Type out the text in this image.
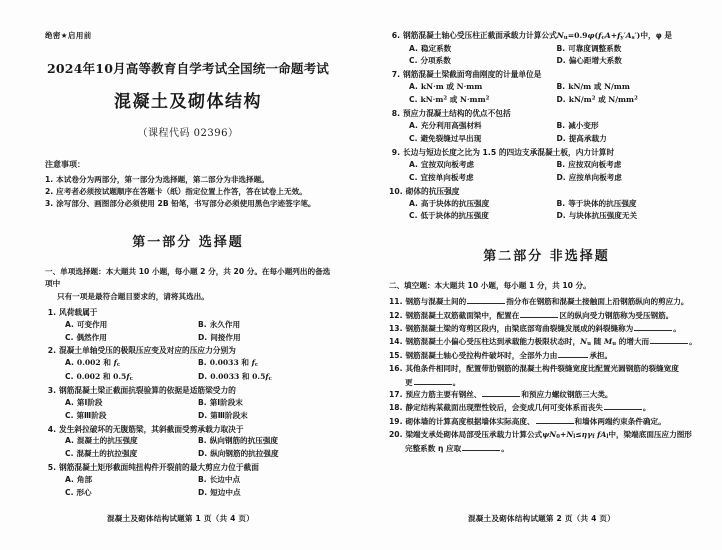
绝密★启用前
2024年10月高等教育自学考试全国统一命题考试
混凝土及砌体结构
（课程代码 02396）
注意事项：
1. 本试卷分为两部分，第一部分为选择题，第二部分为非选择题。
2. 应考者必须按试题顺序在答题卡（纸）指定位置上作答，答在试卷上无效。
3. 涂写部分、画图部分必须使用 2B 铅笔，书写部分必须使用黑色字迹签字笔。
第一部分 选择题
一、单项选择题：本大题共 10 小题，每小题 2 分，共 20 分。在每小题列出的备选项中
只有一项是最符合题目要求的，请将其选出。
1. 风荷载属于
A. 可变作用	B. 永久作用
C. 偶然作用	D. 间接作用
2. 混凝土单轴受压的极限压应变及对应的压应力分别为
A. 0.002 和 $f_c$	B. 0.0033 和 $f_c$
C. 0.002 和 $0.5f_c$	D. 0.0033 和 $0.5f_c$
3. 钢筋混凝土梁正截面抗裂验算的依据是适筋梁受力的
A. 第Ⅰ阶段	B. 第Ⅰ阶段末
C. 第Ⅲ阶段	D. 第Ⅲ阶段末
4. 发生斜拉破坏的无腹筋梁，其斜截面受剪承载力取决于
A. 混凝土的抗压强度	B. 纵向钢筋的抗压强度
C. 混凝土的抗拉强度	D. 纵向钢筋的抗拉强度
5. 钢筋混凝土矩形截面纯扭构件开裂前的最大剪应力位于截面
A. 角部	B. 长边中点
C. 形心	D. 短边中点
混凝土及砌体结构试题第 1 页（共 4 页）
6. 钢筋混凝土轴心受压柱正截面承载力计算公式$N_u=0.9\varphi(f_cA+f_y'A_s')$中，φ 是
A. 稳定系数	B. 可靠度调整系数
C. 分项系数	D. 偏心距增大系数
7. 钢筋混凝土梁截面弯曲刚度的计量单位是
A. kN·m 或 N·mm	B. kN/m 或 N/mm
C. $kN\cdot m^2$ 或 $N\cdot mm^2$	D. $kN/m^2$ 或 $N/mm^2$
8. 预应力混凝土结构的优点不包括
A. 充分利用高强材料	B. 减小变形
C. 避免裂缝过早出现	D. 提高承载力
9. 长边与短边长度之比为 1.5 的四边支承混凝土板，内力计算时
A. 宜按双向板考虑	B. 应按双向板考虑
C. 宜按单向板考虑	D. 应按单向板考虑
10. 砌体的抗压强度
A. 高于块体的抗压强度	B. 等于块体的抗压强度
C. 低于块体的抗压强度	D. 与块体抗压强度无关
第二部分 非选择题
二、填空题：本大题共 10 小题，每小题 1 分，共 10 分。
11. 钢筋与混凝土间的	指分布在钢筋和混凝土接触面上沿钢筋纵向的剪应力。
12. 钢筋混凝土双筋截面梁中，配置在	区的纵向受力钢筋称为受压钢筋。
13. 钢筋混凝土梁的弯剪区段内，由梁底部弯曲裂缝发展成的斜裂缝称为	。
14. 钢筋混凝土小偏心受压柱达到承载能力极限状态时，$N_u$ 随 $M_u$ 的增大而	。
15. 钢筋混凝土轴心受拉构件破坏时，全部外力由	承担。
16. 其他条件相同时，配置带肋钢筋的混凝土构件裂缝宽度比配置光圆钢筋的裂缝宽度
更	。
17. 预应力筋主要有钢丝、	和预应力螺纹钢筋三大类。
18. 静定结构某截面出现塑性铰后，会变成几何可变体系而丧失	。
19. 砌体墙的计算高度根据墙体实际高度、	和墙体两端约束条件确定。
20. 梁端支承处砌体局部受压承载力计算公式$\psi N_0+N_l\le\eta\gamma_f$ $fA_l$中，梁端底面压应力图形
完整系数 η 应取	。
混凝土及砌体结构试题第 2 页（共 4 页）
